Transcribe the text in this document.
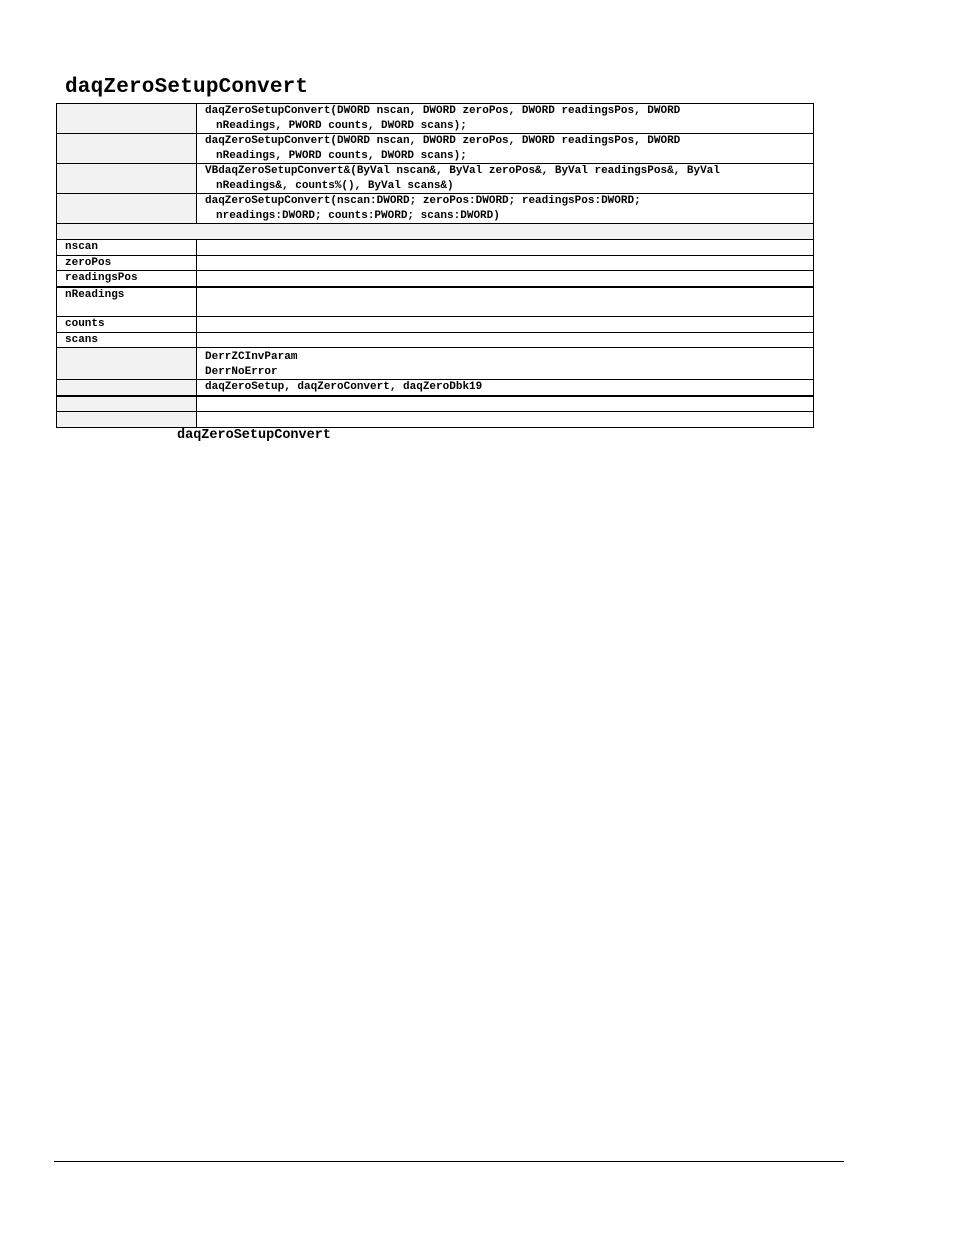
daqZeroSetupConvert

	daqZeroSetupConvert(DWORD nscan, DWORD zeroPos, DWORD readingsPos, DWORD
nReadings, PWORD counts, DWORD scans);

	daqZeroSetupConvert(DWORD nscan, DWORD zeroPos, DWORD readingsPos, DWORD
nReadings, PWORD counts, DWORD scans);

	VBdaqZeroSetupConvert&(ByVal nscan&, ByVal zeroPos&, ByVal readingsPos&, ByVal
nReadings&, counts%(), ByVal scans&)

	daqZeroSetupConvert(nscan:DWORD; zeroPos:DWORD; readingsPos:DWORD;
nreadings:DWORD; counts:PWORD; scans:DWORD)

nscan	
zeroPos	
readingsPos	
nReadings	
counts	
scans	

	DerrZCInvParam
DerrNoError

	daqZeroSetup, daqZeroConvert, daqZeroDbk19

daqZeroSetupConvert
